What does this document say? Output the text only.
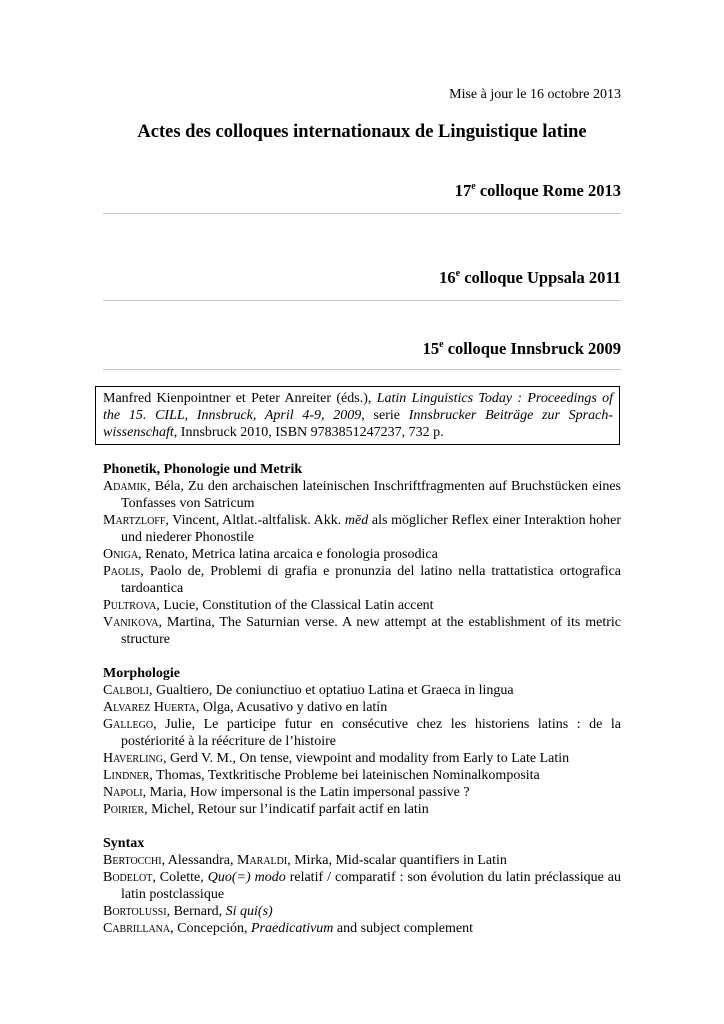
Mise à jour le 16 octobre 2013
Actes des colloques internationaux de Linguistique latine
17e colloque Rome 2013
16e colloque Uppsala 2011
15e colloque Innsbruck 2009
Manfred Kienpointner et Peter Anreiter (éds.), Latin Linguistics Today : Proceedings of the 15. CILL, Innsbruck, April 4-9, 2009, serie Innsbrucker Beiträge zur Sprach-wissenschaft, Innsbruck 2010, ISBN 9783851247237, 732 p.
Phonetik, Phonologie und Metrik
Adamik, Béla, Zu den archaischen lateinischen Inschriftfragmenten auf Bruchstücken eines Tonfasses von Satricum
Martzloff, Vincent, Altlat.-altfalisk. Akk. mēd als möglicher Reflex einer Interaktion hoher und niederer Phonostile
Oniga, Renato, Metrica latina arcaica e fonologia prosodica
Paolis, Paolo de, Problemi di grafia e pronunzia del latino nella trattatistica ortografica tardoantica
Pultrova, Lucie, Constitution of the Classical Latin accent
Vanikova, Martina, The Saturnian verse. A new attempt at the establishment of its metric structure
Morphologie
Calboli, Gualtiero, De coniunctiuo et optatiuo Latina et Graeca in lingua
Alvarez Huerta, Olga, Acusativo y dativo en latín
Gallego, Julie, Le participe futur en consécutive chez les historiens latins : de la postériorité à la réécriture de l’histoire
Haverling, Gerd V. M., On tense, viewpoint and modality from Early to Late Latin
Lindner, Thomas, Textkritische Probleme bei lateinischen Nominalkomposita
Napoli, Maria, How impersonal is the Latin impersonal passive ?
Poirier, Michel, Retour sur l’indicatif parfait actif en latin
Syntax
Bertocchi, Alessandra, Maraldi, Mirka, Mid-scalar quantifiers in Latin
Bodelot, Colette, Quo(=) modo relatif / comparatif : son évolution du latin préclassique au latin postclassique
Bortolussi, Bernard, Si qui(s)
Cabrillana, Concepción, Praedicativum and subject complement
